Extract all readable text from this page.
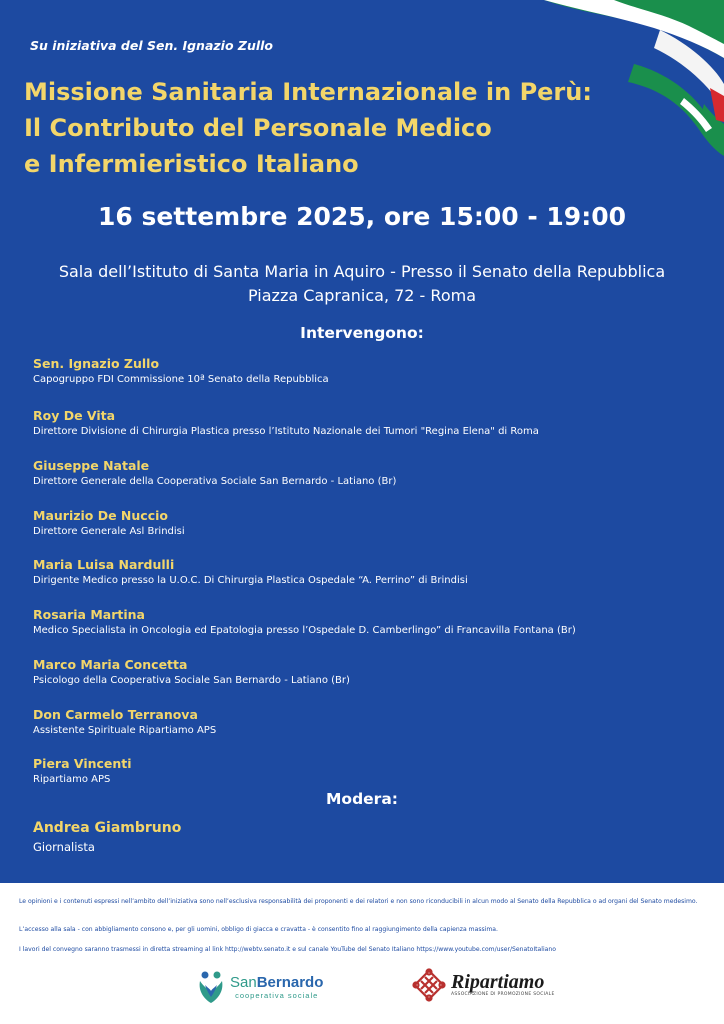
Su iniziativa del Sen. Ignazio Zullo
Missione Sanitaria Internazionale in Perù:
Il Contributo del Personale Medico
e Infermieristico Italiano
16 settembre 2025, ore 15:00 - 19:00
Sala dell’Istituto di Santa Maria in Aquiro - Presso il Senato della Repubblica
Piazza Capranica, 72 - Roma
Intervengono:
Sen. Ignazio Zullo
Capogruppo FDI Commissione 10ª Senato della Repubblica
Roy De Vita
Direttore Divisione di Chirurgia Plastica presso l’Istituto Nazionale dei Tumori "Regina Elena" di Roma
Giuseppe Natale
Direttore Generale della Cooperativa Sociale San Bernardo - Latiano (Br)
Maurizio De Nuccio
Direttore Generale Asl Brindisi
Maria Luisa Nardulli
Dirigente Medico presso la U.O.C. Di Chirurgia Plastica Ospedale “A. Perrino” di Brindisi
Rosaria Martina
Medico Specialista in Oncologia ed Epatologia presso l’Ospedale D. Camberlingo” di Francavilla Fontana (Br)
Marco Maria Concetta
Psicologo della Cooperativa Sociale San Bernardo - Latiano (Br)
Don Carmelo Terranova
Assistente Spirituale Ripartiamo APS
Piera Vincenti
Ripartiamo APS
Modera:
Andrea Giambruno
Giornalista
Le opinioni e i contenuti espressi nell’ambito dell’iniziativa sono nell’esclusiva responsabilità dei proponenti e dei relatori e non sono riconducibili in alcun modo al Senato della Repubblica o ad organi del Senato medesimo.
L’accesso alla sala - con abbigliamento consono e, per gli uomini, obbligo di giacca e cravatta - è consentito fino al raggiungimento della capienza massima.
I lavori del convegno saranno trasmessi in diretta streaming al link http://webtv.senato.it e sul canale YouTube del Senato Italiano https://www.youtube.com/user/SenatoItaliano
SanBernardo
cooperativa sociale
Ripartiamo
ASSOCIAZIONE DI PROMOZIONE SOCIALE
